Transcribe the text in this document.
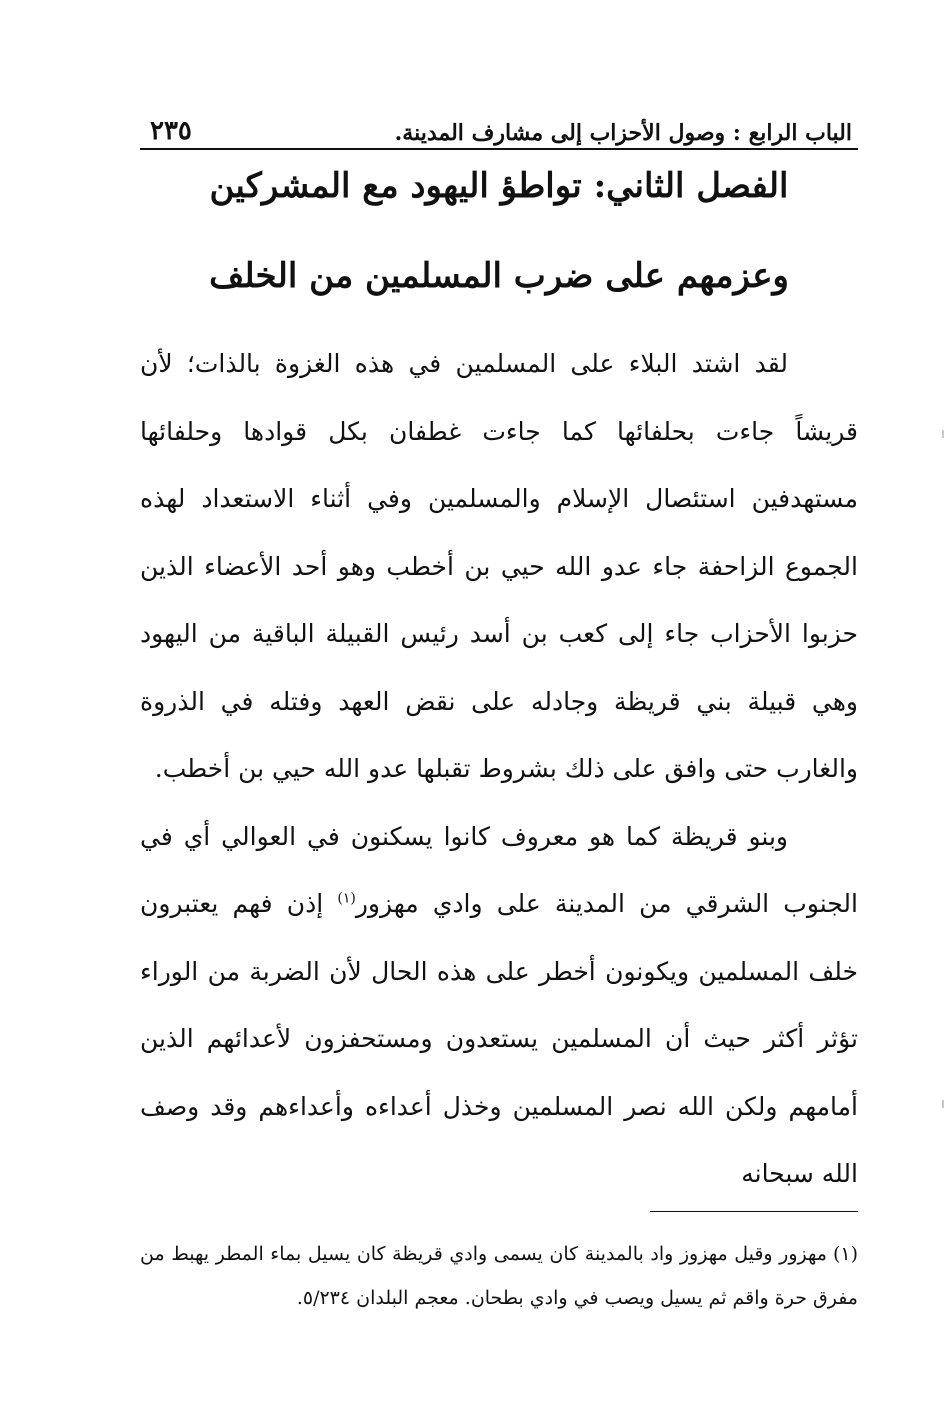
الباب الرابع : وصول الأحزاب إلى مشارف المدينة.
٢٣٥
الفصل الثاني: تواطؤ اليهود مع المشركين
وعزمهم على ضرب المسلمين من الخلف

لقد اشتد البلاء على المسلمين في هذه الغزوة بالذات؛ لأن قريشاً جاءت بحلفائها كما جاءت غطفان بكل قوادها وحلفائها مستهدفين استئصال الإسلام والمسلمين وفي أثناء الاستعداد لهذه الجموع الزاحفة جاء عدو الله حيي بن أخطب وهو أحد الأعضاء الذين حزبوا الأحزاب جاء إلى كعب بن أسد رئيس القبيلة الباقية من اليهود وهي قبيلة بني قريظة وجادله على نقض العهد وفتله في الذروة والغارب حتى وافق على ذلك بشروط تقبلها عدو الله حيي بن أخطب.

وبنو قريظة كما هو معروف كانوا يسكنون في العوالي أي في الجنوب الشرقي من المدينة على وادي مهزور$^{(١)}$ إذن فهم يعتبرون خلف المسلمين ويكونون أخطر على هذه الحال لأن الضربة من الوراء تؤثر أكثر حيث أن المسلمين يستعدون ومستحفزون لأعدائهم الذين أمامهم ولكن الله نصر المسلمين وخذل أعداءه وأعداءهم وقد وصف الله سبحانه

(١)مهزور وقيل مهزوز واد بالمدينة كان يسمى وادي قريظة كان يسيل بماء المطر يهبط من مفرق حرة واقم ثم يسيل ويصب في وادي بطحان. معجم البلدان ٥/٢٣٤.
